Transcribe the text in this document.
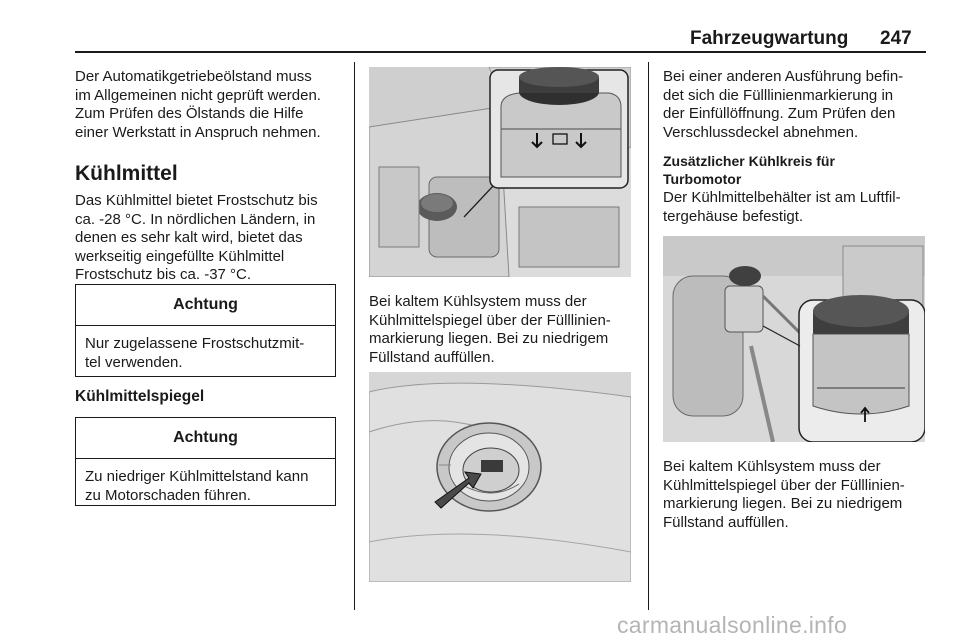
Fahrzeugwartung 247
Der Automatikgetriebeölstand muss
im Allgemeinen nicht geprüft werden.
Zum Prüfen des Ölstands die Hilfe
einer Werkstatt in Anspruch nehmen.
Kühlmittel
Das Kühlmittel bietet Frostschutz bis
ca. -28 °C. In nördlichen Ländern, in
denen es sehr kalt wird, bietet das
werkseitig eingefüllte Kühlmittel
Frostschutz bis ca. -37 °C.
Achtung
Nur zugelassene Frostschutzmit-
tel verwenden.
Kühlmittelspiegel
Achtung
Zu niedriger Kühlmittelstand kann
zu Motorschaden führen.
Bei kaltem Kühlsystem muss der
Kühlmittelspiegel über der Fülllinien-
markierung liegen. Bei zu niedrigem
Füllstand auffüllen.
Bei einer anderen Ausführung befin-
det sich die Fülllinienmarkierung in
der Einfüllöffnung. Zum Prüfen den
Verschlussdeckel abnehmen.
Zusätzlicher Kühlkreis für
Turbomotor
Der Kühlmittelbehälter ist am Luftfil-
tergehäuse befestigt.
Bei kaltem Kühlsystem muss der
Kühlmittelspiegel über der Fülllinien-
markierung liegen. Bei zu niedrigem
Füllstand auffüllen.
carmanualsonline.info
